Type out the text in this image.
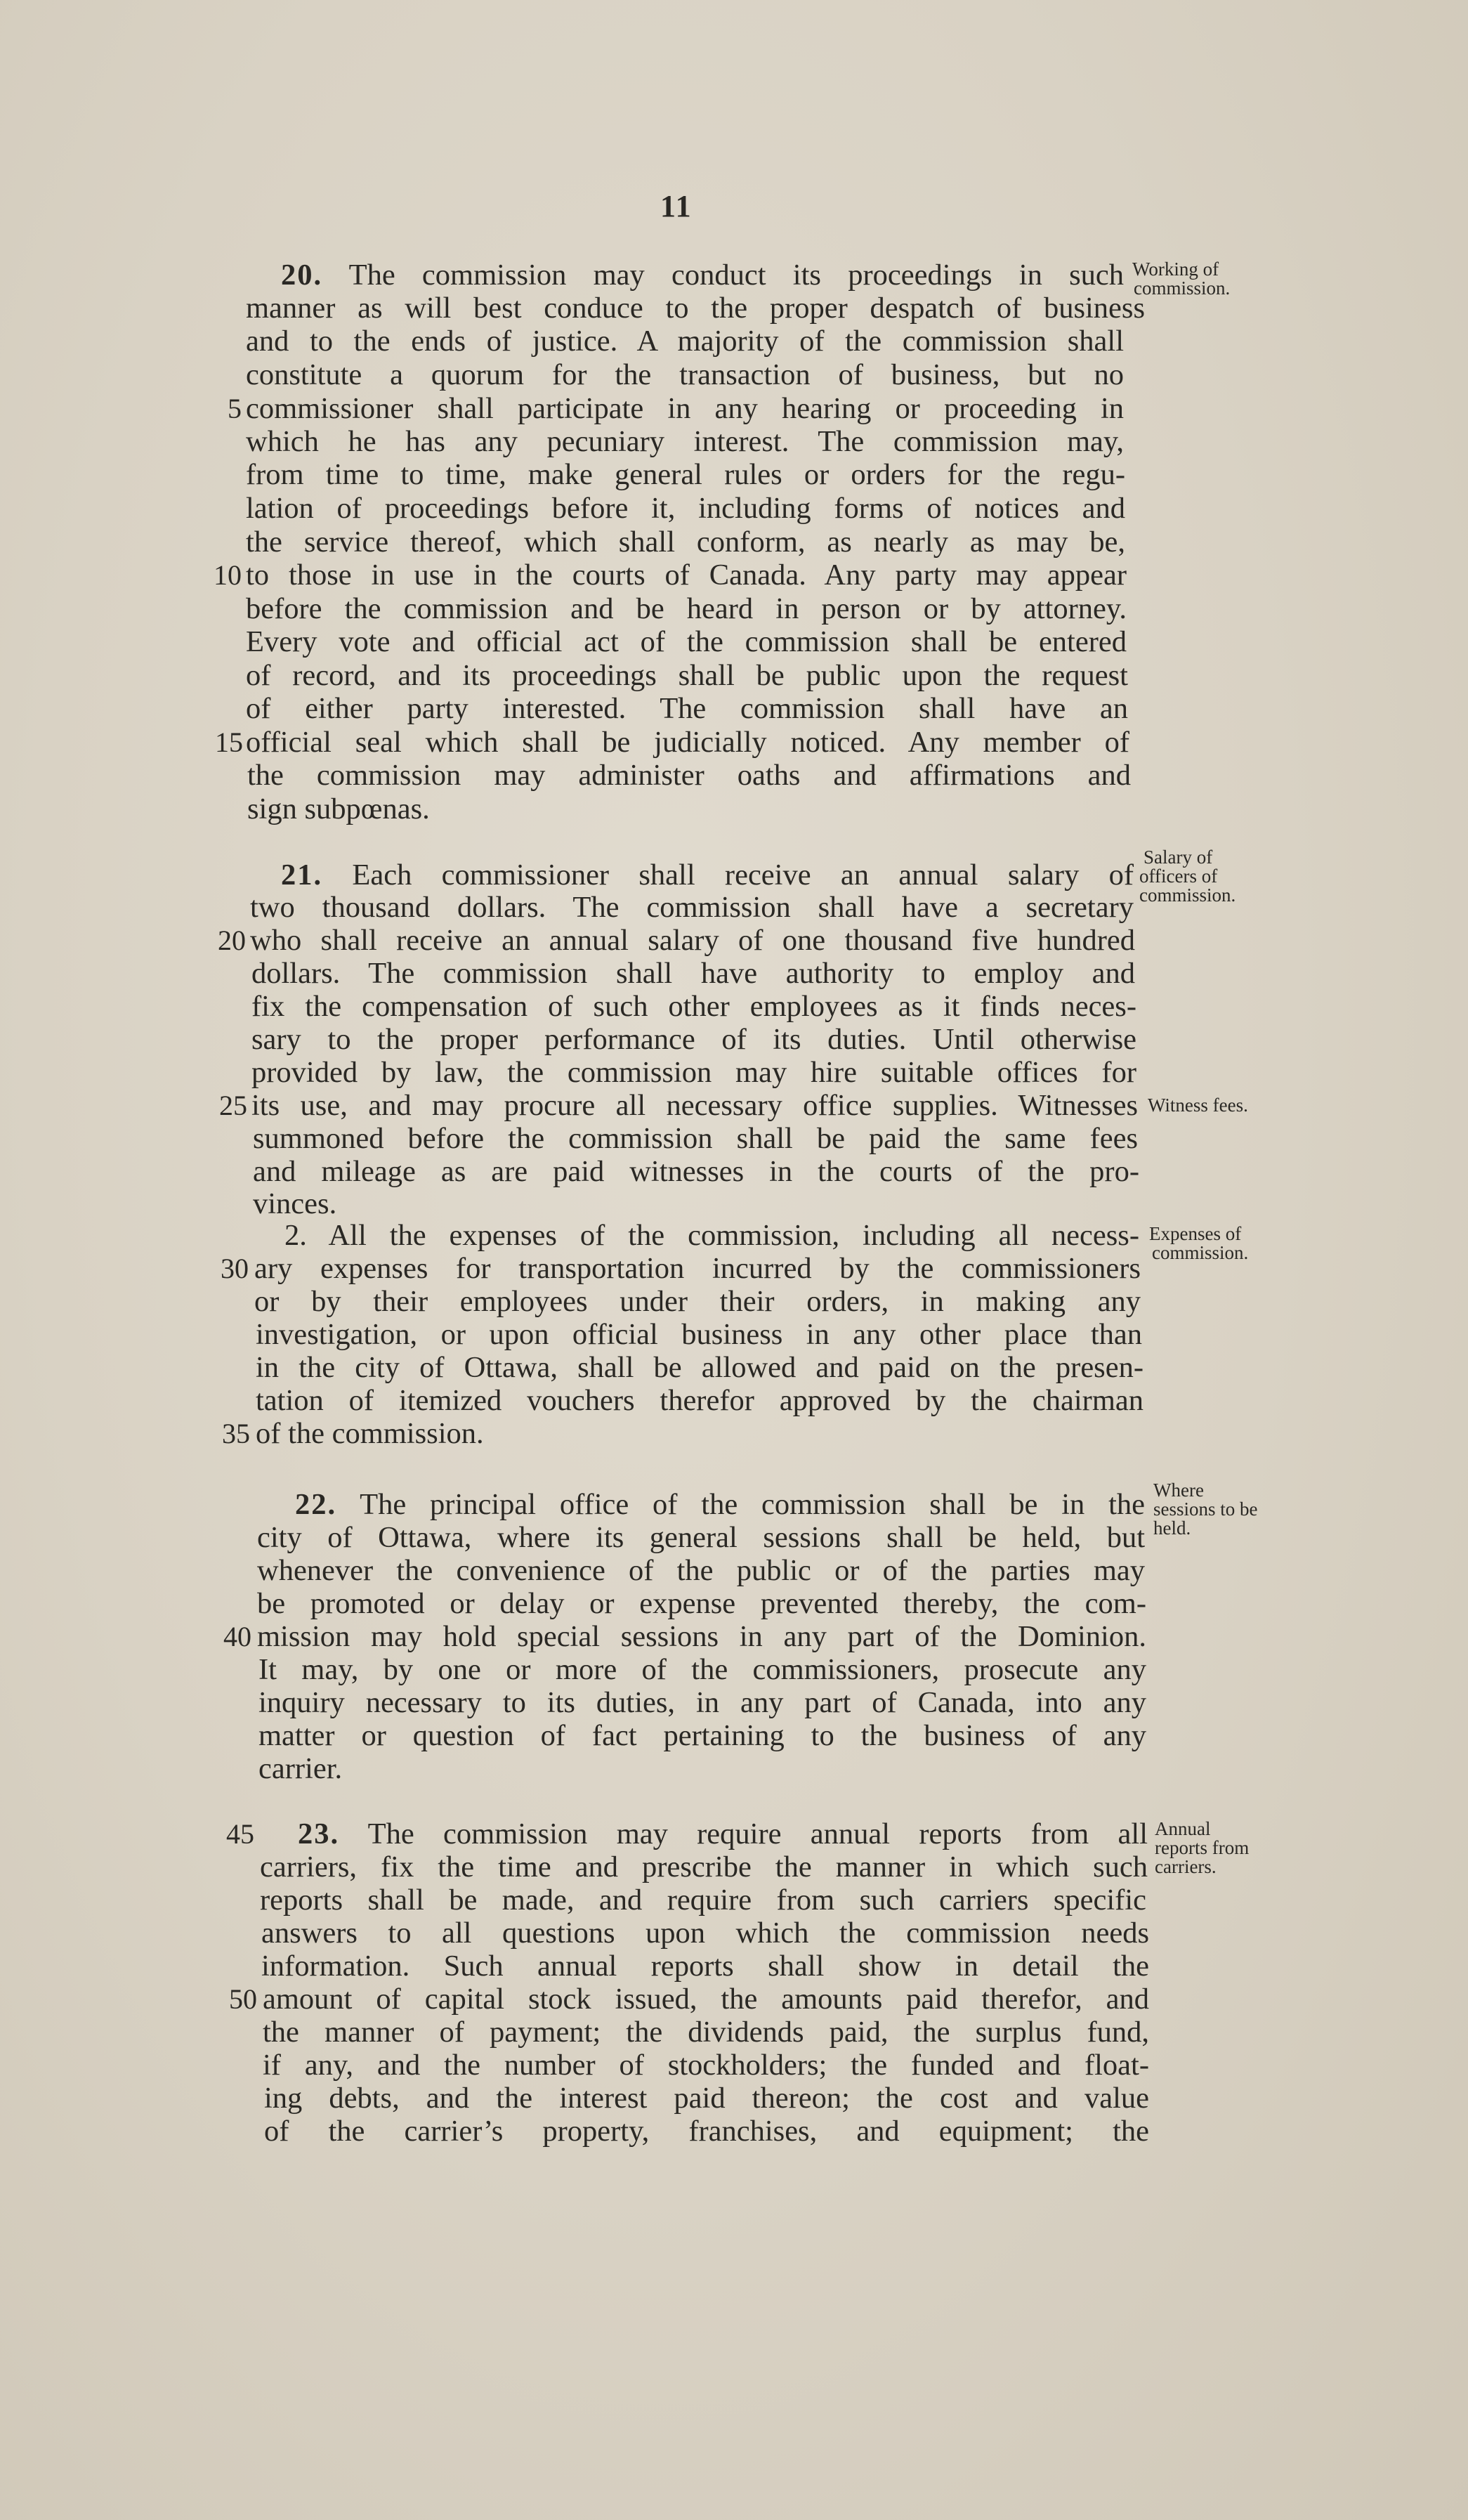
11
20. The commission may conduct its proceedings in such
manner as will best conduce to the proper despatch of business
and to the ends of justice. A majority of the commission shall
constitute a quorum for the transaction of business, but no
commissioner shall participate in any hearing or proceeding in
which he has any pecuniary interest. The commission may,
from time to time, make general rules or orders for the regu-
lation of proceedings before it, including forms of notices and
the service thereof, which shall conform, as nearly as may be,
to those in use in the courts of Canada. Any party may appear
before the commission and be heard in person or by attorney.
Every vote and official act of the commission shall be entered
of record, and its proceedings shall be public upon the request
of either party interested. The commission shall have an
official seal which shall be judicially noticed. Any member of
the commission may administer oaths and affirmations and
sign subpœnas.
21. Each commissioner shall receive an annual salary of
two thousand dollars. The commission shall have a secretary
who shall receive an annual salary of one thousand five hundred
dollars. The commission shall have authority to employ and
fix the compensation of such other employees as it finds neces-
sary to the proper performance of its duties. Until otherwise
provided by law, the commission may hire suitable offices for
its use, and may procure all necessary office supplies. Witnesses
summoned before the commission shall be paid the same fees
and mileage as are paid witnesses in the courts of the pro-
vinces.
2. All the expenses of the commission, including all necess-
ary expenses for transportation incurred by the commissioners
or by their employees under their orders, in making any
investigation, or upon official business in any other place than
in the city of Ottawa, shall be allowed and paid on the presen-
tation of itemized vouchers therefor approved by the chairman
of the commission.
22. The principal office of the commission shall be in the
city of Ottawa, where its general sessions shall be held, but
whenever the convenience of the public or of the parties may
be promoted or delay or expense prevented thereby, the com-
mission may hold special sessions in any part of the Dominion.
It may, by one or more of the commissioners, prosecute any
inquiry necessary to its duties, in any part of Canada, into any
matter or question of fact pertaining to the business of any
carrier.
23. The commission may require annual reports from all
carriers, fix the time and prescribe the manner in which such
reports shall be made, and require from such carriers specific
answers to all questions upon which the commission needs
information. Such annual reports shall show in detail the
amount of capital stock issued, the amounts paid therefor, and
the manner of payment; the dividends paid, the surplus fund,
if any, and the number of stockholders; the funded and float-
ing debts, and the interest paid thereon; the cost and value
of the carrier’s property, franchises, and equipment; the
5
10
15
20
25
30
35
40
45
50
Working of
commission.
Salary of
officers of
commission.
Witness fees.
Expenses of
commission.
Where
sessions to be
held.
Annual
reports from
carriers.
